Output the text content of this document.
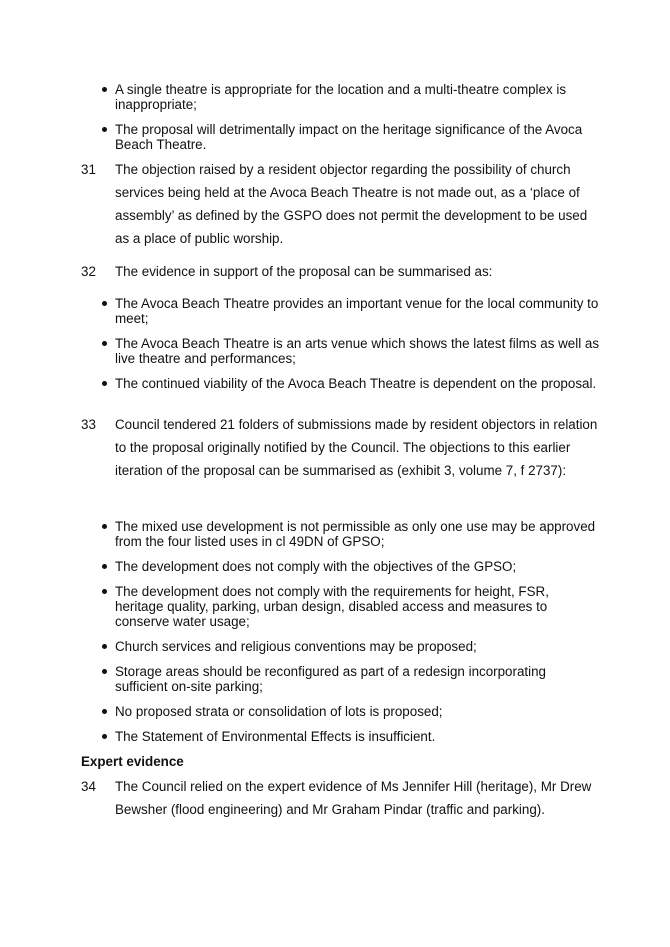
A single theatre is appropriate for the location and a multi-theatre complex is inappropriate;
The proposal will detrimentally impact on the heritage significance of the Avoca Beach Theatre.
31	The objection raised by a resident objector regarding the possibility of church services being held at the Avoca Beach Theatre is not made out, as a ‘place of assembly’ as defined by the GSPO does not permit the development to be used as a place of public worship.
32	The evidence in support of the proposal can be summarised as:
The Avoca Beach Theatre provides an important venue for the local community to meet;
The Avoca Beach Theatre is an arts venue which shows the latest films as well as live theatre and performances;
The continued viability of the Avoca Beach Theatre is dependent on the proposal.
33	Council tendered 21 folders of submissions made by resident objectors in relation to the proposal originally notified by the Council. The objections to this earlier iteration of the proposal can be summarised as (exhibit 3, volume 7, f 2737):
The mixed use development is not permissible as only one use may be approved from the four listed uses in cl 49DN of GPSO;
The development does not comply with the objectives of the GPSO;
The development does not comply with the requirements for height, FSR, heritage quality, parking, urban design, disabled access and measures to conserve water usage;
Church services and religious conventions may be proposed;
Storage areas should be reconfigured as part of a redesign incorporating sufficient on-site parking;
No proposed strata or consolidation of lots is proposed;
The Statement of Environmental Effects is insufficient.
Expert evidence
34	The Council relied on the expert evidence of Ms Jennifer Hill (heritage), Mr Drew Bewsher (flood engineering) and Mr Graham Pindar (traffic and parking).
